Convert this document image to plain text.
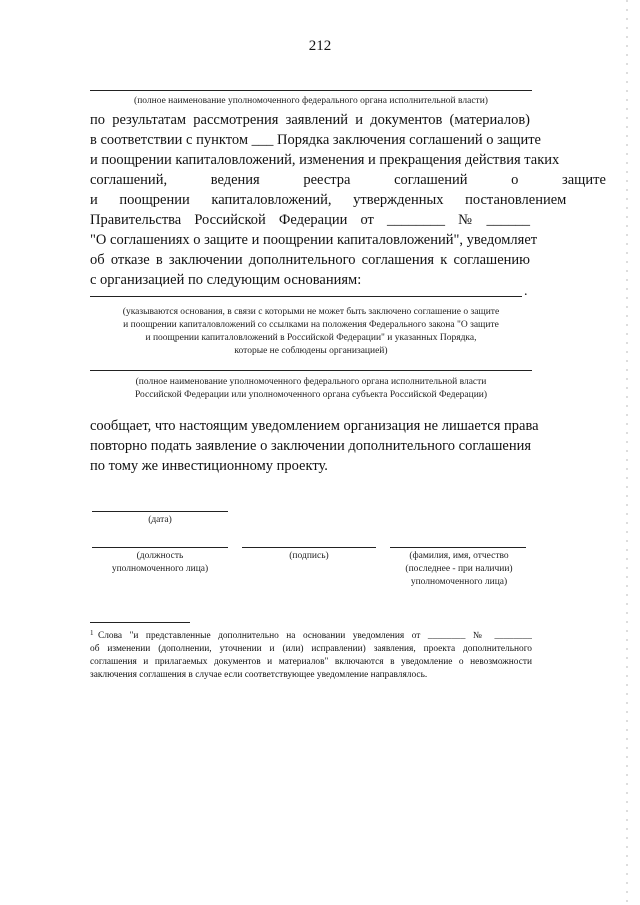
212
(полное наименование уполномоченного федерального органа исполнительной власти)
по результатам рассмотрения заявлений и документов (материалов)
в соответствии с пунктом ___ Порядка заключения соглашений о защите
и поощрении капиталовложений, изменения и прекращения действия таких
соглашений, ведения реестра соглашений о защите
и поощрении капиталовложений, утвержденных постановлением
Правительства Российской Федерации от ________ № ______
"О соглашениях о защите и поощрении капиталовложений", уведомляет
об отказе в заключении дополнительного соглашения к соглашению
с организацией по следующим основаниям:
.
(указываются основания, в связи с которыми не может быть заключено соглашение о защите
и поощрении капиталовложений со ссылками на положения Федерального закона "О защите
и поощрении капиталовложений в Российской Федерации" и указанных Порядка,
которые не соблюдены организацией)
(полное наименование уполномоченного федерального органа исполнительной власти
Российской Федерации или уполномоченного органа субъекта Российской Федерации)
сообщает, что настоящим уведомлением организация не лишается права
повторно подать заявление о заключении дополнительного соглашения
по тому же инвестиционному проекту.
(дата)
(должность
уполномоченного лица)
(подпись)	(фамилия, имя, отчество
(последнее - при наличии)
уполномоченного лица)
1 Слова "и представленные дополнительно на основании уведомления от ________ № ________
об изменении (дополнении, уточнении и (или) исправлении) заявления, проекта дополнительного
соглашения и прилагаемых документов и материалов" включаются в уведомление о невозможности
заключения соглашения в случае если соответствующее уведомление направлялось.
